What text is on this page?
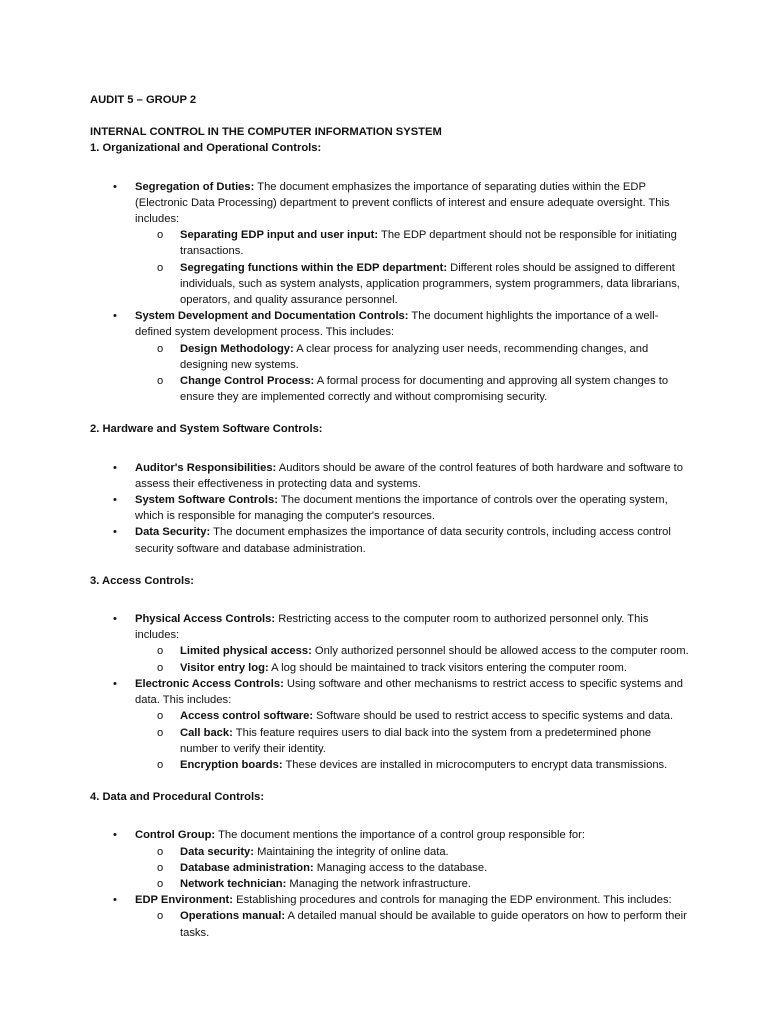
AUDIT 5 – GROUP 2
INTERNAL CONTROL IN THE COMPUTER INFORMATION SYSTEM
1. Organizational and Operational Controls:
• Segregation of Duties: The document emphasizes the importance of separating duties within the EDP (Electronic Data Processing) department to prevent conflicts of interest and ensure adequate oversight. This includes:
o Separating EDP input and user input: The EDP department should not be responsible for initiating transactions.
o Segregating functions within the EDP department: Different roles should be assigned to different individuals, such as system analysts, application programmers, system programmers, data librarians, operators, and quality assurance personnel.
• System Development and Documentation Controls: The document highlights the importance of a well-defined system development process. This includes:
o Design Methodology: A clear process for analyzing user needs, recommending changes, and designing new systems.
o Change Control Process: A formal process for documenting and approving all system changes to ensure they are implemented correctly and without compromising security.
2. Hardware and System Software Controls:
• Auditor's Responsibilities: Auditors should be aware of the control features of both hardware and software to assess their effectiveness in protecting data and systems.
• System Software Controls: The document mentions the importance of controls over the operating system, which is responsible for managing the computer's resources.
• Data Security: The document emphasizes the importance of data security controls, including access control security software and database administration.
3. Access Controls:
• Physical Access Controls: Restricting access to the computer room to authorized personnel only. This includes:
o Limited physical access: Only authorized personnel should be allowed access to the computer room.
o Visitor entry log: A log should be maintained to track visitors entering the computer room.
• Electronic Access Controls: Using software and other mechanisms to restrict access to specific systems and data. This includes:
o Access control software: Software should be used to restrict access to specific systems and data.
o Call back: This feature requires users to dial back into the system from a predetermined phone number to verify their identity.
o Encryption boards: These devices are installed in microcomputers to encrypt data transmissions.
4. Data and Procedural Controls:
• Control Group: The document mentions the importance of a control group responsible for:
o Data security: Maintaining the integrity of online data.
o Database administration: Managing access to the database.
o Network technician: Managing the network infrastructure.
• EDP Environment: Establishing procedures and controls for managing the EDP environment. This includes:
o Operations manual: A detailed manual should be available to guide operators on how to perform their tasks.
